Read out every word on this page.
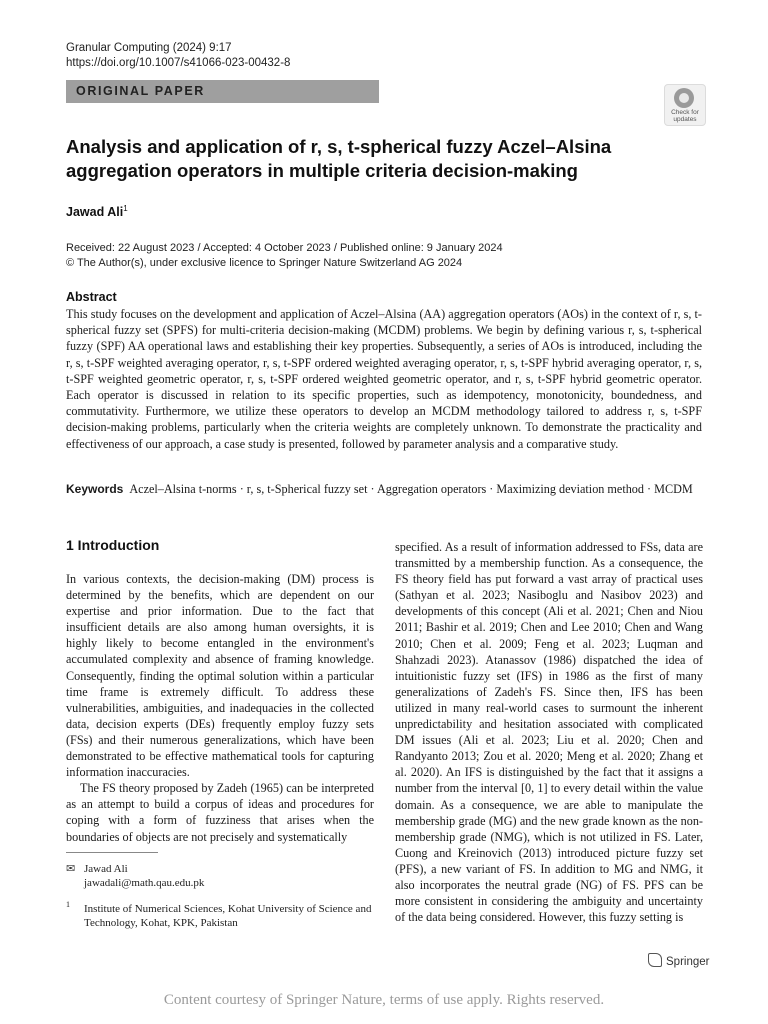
Granular Computing (2024) 9:17
https://doi.org/10.1007/s41066-023-00432-8
ORIGINAL PAPER
Check for updates
Analysis and application of r, s, t-spherical fuzzy Aczel–Alsina aggregation operators in multiple criteria decision-making
Jawad Ali$^1$
Received: 22 August 2023 / Accepted: 4 October 2023 / Published online: 9 January 2024
© The Author(s), under exclusive licence to Springer Nature Switzerland AG 2024
Abstract
This study focuses on the development and application of Aczel–Alsina (AA) aggregation operators (AOs) in the context of r, s, t-spherical fuzzy set (SPFS) for multi-criteria decision-making (MCDM) problems. We begin by defining various r, s, t-spherical fuzzy (SPF) AA operational laws and establishing their key properties. Subsequently, a series of AOs is introduced, including the r, s, t-SPF weighted averaging operator, r, s, t-SPF ordered weighted averaging operator, r, s, t-SPF hybrid averaging operator, r, s, t-SPF weighted geometric operator, r, s, t-SPF ordered weighted geometric operator, and r, s, t-SPF hybrid geometric operator. Each operator is discussed in relation to its specific properties, such as idempotency, monotonicity, boundedness, and commutativity. Furthermore, we utilize these operators to develop an MCDM methodology tailored to address r, s, t-SPF decision-making problems, particularly when the criteria weights are completely unknown. To demonstrate the practicality and effectiveness of our approach, a case study is presented, followed by parameter analysis and a comparative study.
Keywords Aczel–Alsina t-norms · r, s, t-Spherical fuzzy set · Aggregation operators · Maximizing deviation method · MCDM
1 Introduction

In various contexts, the decision-making (DM) process is determined by the benefits, which are dependent on our expertise and prior information. Due to the fact that insufficient details are also among human oversights, it is highly likely to become entangled in the environment's accumulated complexity and absence of framing knowledge. Consequently, finding the optimal solution within a particular time frame is extremely difficult. To address these vulnerabilities, ambiguities, and inadequacies in the collected data, decision experts (DEs) frequently employ fuzzy sets (FSs) and their numerous generalizations, which have been demonstrated to be effective mathematical tools for capturing information inaccuracies.

The FS theory proposed by Zadeh (1965) can be interpreted as an attempt to build a corpus of ideas and procedures for coping with a form of fuzziness that arises when the boundaries of objects are not precisely and systematically

specified. As a result of information addressed to FSs, data are transmitted by a membership function. As a consequence, the FS theory field has put forward a vast array of practical uses (Sathyan et al. 2023; Nasiboglu and Nasibov 2023) and developments of this concept (Ali et al. 2021; Chen and Niou 2011; Bashir et al. 2019; Chen and Lee 2010; Chen and Wang 2010; Chen et al. 2009; Feng et al. 2023; Luqman and Shahzadi 2023). Atanassov (1986) dispatched the idea of intuitionistic fuzzy set (IFS) in 1986 as the first of many generalizations of Zadeh's FS. Since then, IFS has been utilized in many real-world cases to surmount the inherent unpredictability and hesitation associated with complicated DM issues (Ali et al. 2023; Liu et al. 2020; Chen and Randyanto 2013; Zou et al. 2020; Meng et al. 2020; Zhang et al. 2020). An IFS is distinguished by the fact that it assigns a number from the interval [0, 1] to every detail within the value domain. As a consequence, we are able to manipulate the membership grade (MG) and the new grade known as the non-membership grade (NMG), which is not utilized in FS. Later, Cuong and Kreinovich (2013) introduced picture fuzzy set (PFS), a new variant of FS. In addition to MG and NMG, it also incorporates the neutral grade (NG) of FS. PFS can be more consistent in considering the ambiguity and uncertainty of the data being considered. However, this fuzzy setting is

✉ Jawad Ali
jawadali@math.qau.edu.pk
1 Institute of Numerical Sciences, Kohat University of Science and Technology, Kohat, KPK, Pakistan
Springer
Content courtesy of Springer Nature, terms of use apply. Rights reserved.
